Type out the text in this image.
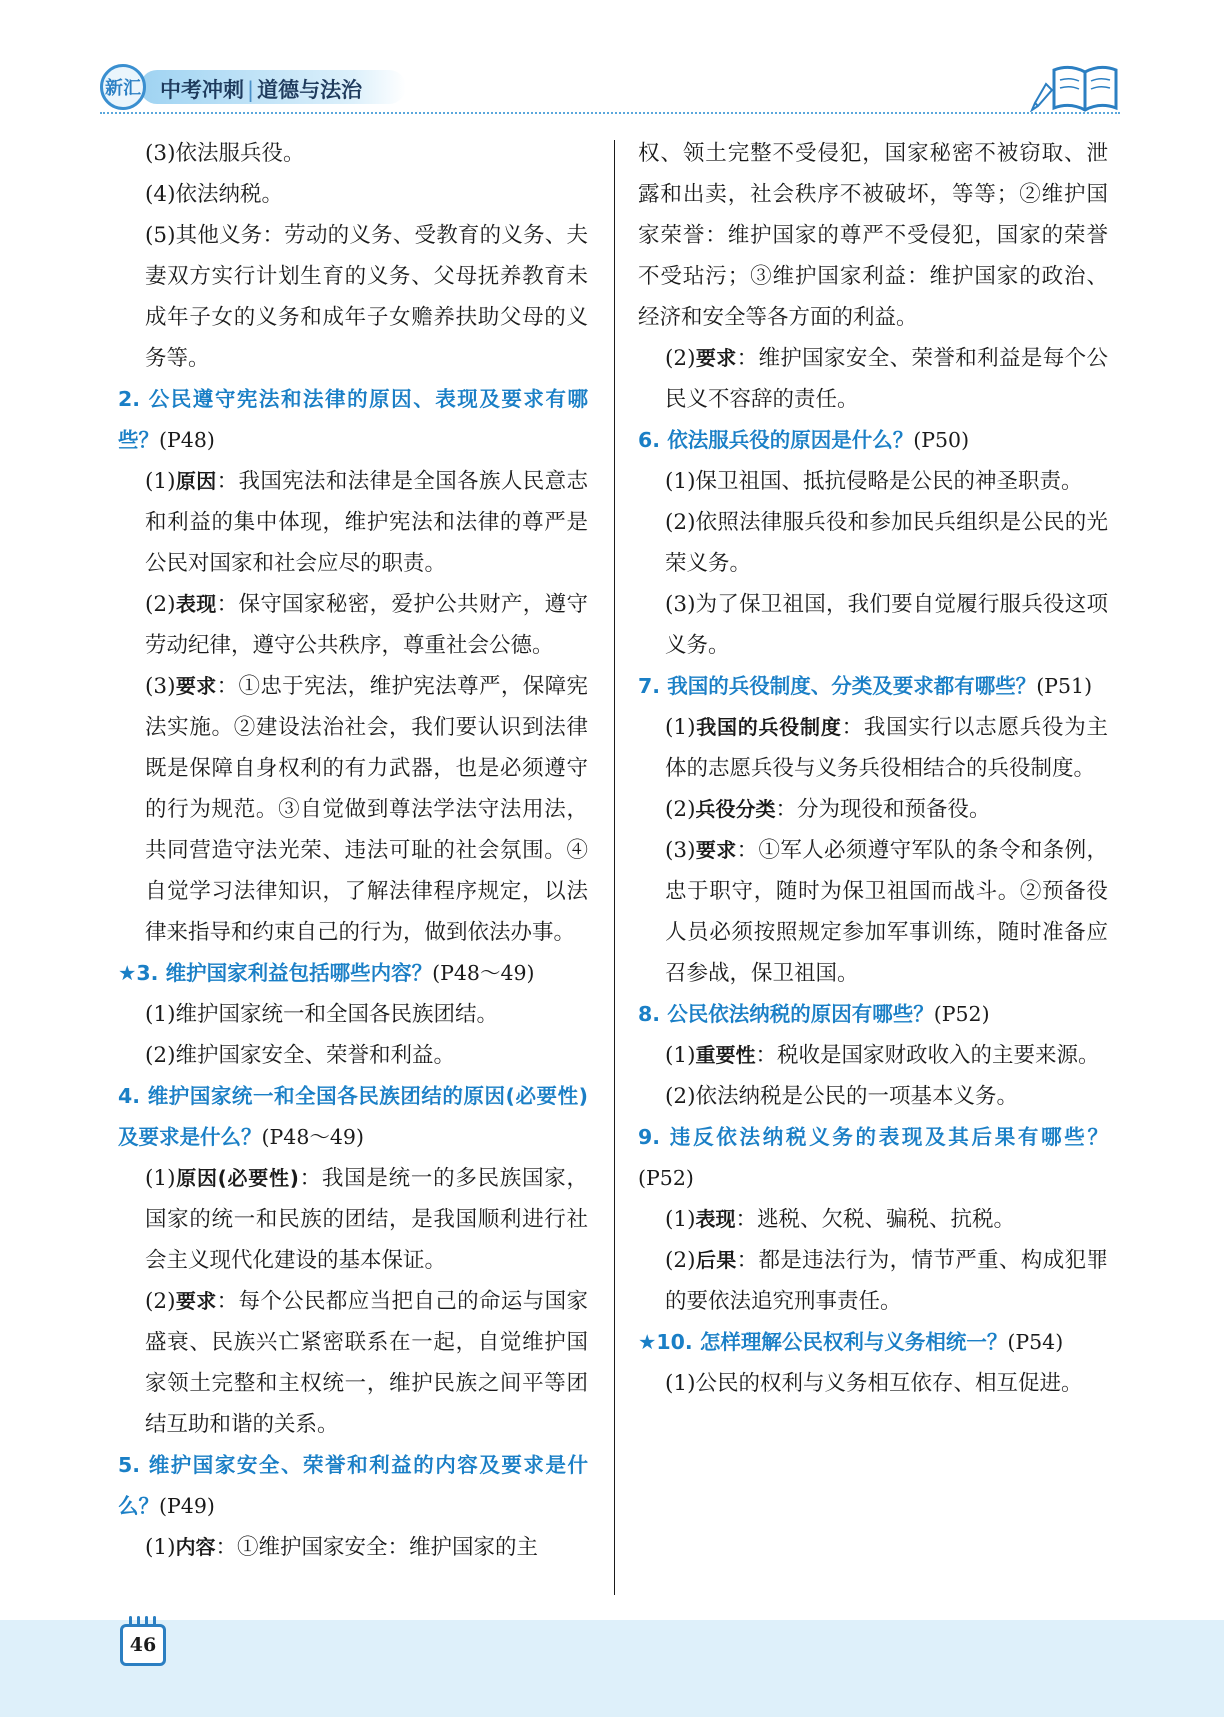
新汇 中考冲刺 | 道德与法治

(3)依法服兵役。

(4)依法纳税。

(5)其他义务：劳动的义务、受教育的义务、夫妻双方实行计划生育的义务、父母抚养教育未成年子女的义务和成年子女赡养扶助父母的义务等。

2. 公民遵守宪法和法律的原因、表现及要求有哪些？(P48)

(1)原因：我国宪法和法律是全国各族人民意志和利益的集中体现，维护宪法和法律的尊严是公民对国家和社会应尽的职责。

(2)表现：保守国家秘密，爱护公共财产，遵守劳动纪律，遵守公共秩序，尊重社会公德。

(3)要求：①忠于宪法，维护宪法尊严，保障宪法实施。②建设法治社会，我们要认识到法律既是保障自身权利的有力武器，也是必须遵守的行为规范。③自觉做到尊法学法守法用法，共同营造守法光荣、违法可耻的社会氛围。④自觉学习法律知识，了解法律程序规定，以法律来指导和约束自己的行为，做到依法办事。

★3. 维护国家利益包括哪些内容？(P48～49)

(1)维护国家统一和全国各民族团结。

(2)维护国家安全、荣誉和利益。

4. 维护国家统一和全国各民族团结的原因(必要性)及要求是什么？(P48～49)

(1)原因(必要性)：我国是统一的多民族国家，国家的统一和民族的团结，是我国顺利进行社会主义现代化建设的基本保证。

(2)要求：每个公民都应当把自己的命运与国家盛衰、民族兴亡紧密联系在一起，自觉维护国家领土完整和主权统一，维护民族之间平等团结互助和谐的关系。

5. 维护国家安全、荣誉和利益的内容及要求是什么？(P49)

(1)内容：①维护国家安全：维护国家的主

权、领土完整不受侵犯，国家秘密不被窃取、泄露和出卖，社会秩序不被破坏，等等；②维护国家荣誉：维护国家的尊严不受侵犯，国家的荣誉不受玷污；③维护国家利益：维护国家的政治、经济和安全等各方面的利益。

(2)要求：维护国家安全、荣誉和利益是每个公民义不容辞的责任。

6. 依法服兵役的原因是什么？(P50)

(1)保卫祖国、抵抗侵略是公民的神圣职责。

(2)依照法律服兵役和参加民兵组织是公民的光荣义务。

(3)为了保卫祖国，我们要自觉履行服兵役这项义务。

7. 我国的兵役制度、分类及要求都有哪些？(P51)

(1)我国的兵役制度：我国实行以志愿兵役为主体的志愿兵役与义务兵役相结合的兵役制度。

(2)兵役分类：分为现役和预备役。

(3)要求：①军人必须遵守军队的条令和条例，忠于职守，随时为保卫祖国而战斗。②预备役人员必须按照规定参加军事训练，随时准备应召参战，保卫祖国。

8. 公民依法纳税的原因有哪些？(P52)

(1)重要性：税收是国家财政收入的主要来源。

(2)依法纳税是公民的一项基本义务。

9. 违反依法纳税义务的表现及其后果有哪些？(P52)

(1)表现：逃税、欠税、骗税、抗税。

(2)后果：都是违法行为，情节严重、构成犯罪的要依法追究刑事责任。

★10. 怎样理解公民权利与义务相统一？(P54)

(1)公民的权利与义务相互依存、相互促进。

46
